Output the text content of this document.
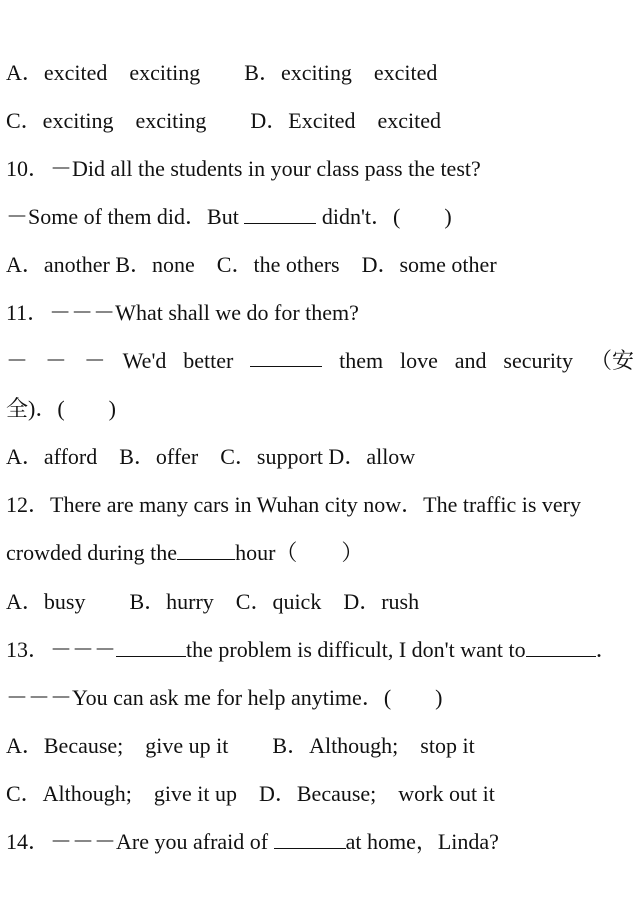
A．excited　exciting　　B．exciting　excited
C．exciting　exciting　　D．Excited　excited
10．－Did all the students in your class pass the test?
－Some of them did．But	didn't．(　　)
A．another B．none　C．the others　D．some other
11．－－－What shall we do for them?
－ － － We'd better	them love and security （安
全)．(　　)
A．afford　B．offer　C．support D．allow
12．There are many cars in Wuhan city now．The traffic is very
crowded during the	hour（　　）
A．busy　　B．hurry　C．quick　D．rush
13．－－－	the problem is difficult, I don't want to	．
－－－You can ask me for help anytime．(　　)
A．Because;　give up it　　B．Although;　stop it
C．Although;　give it up　D．Because;　work out it
14．－－－Are you afraid of	at home，Linda?
